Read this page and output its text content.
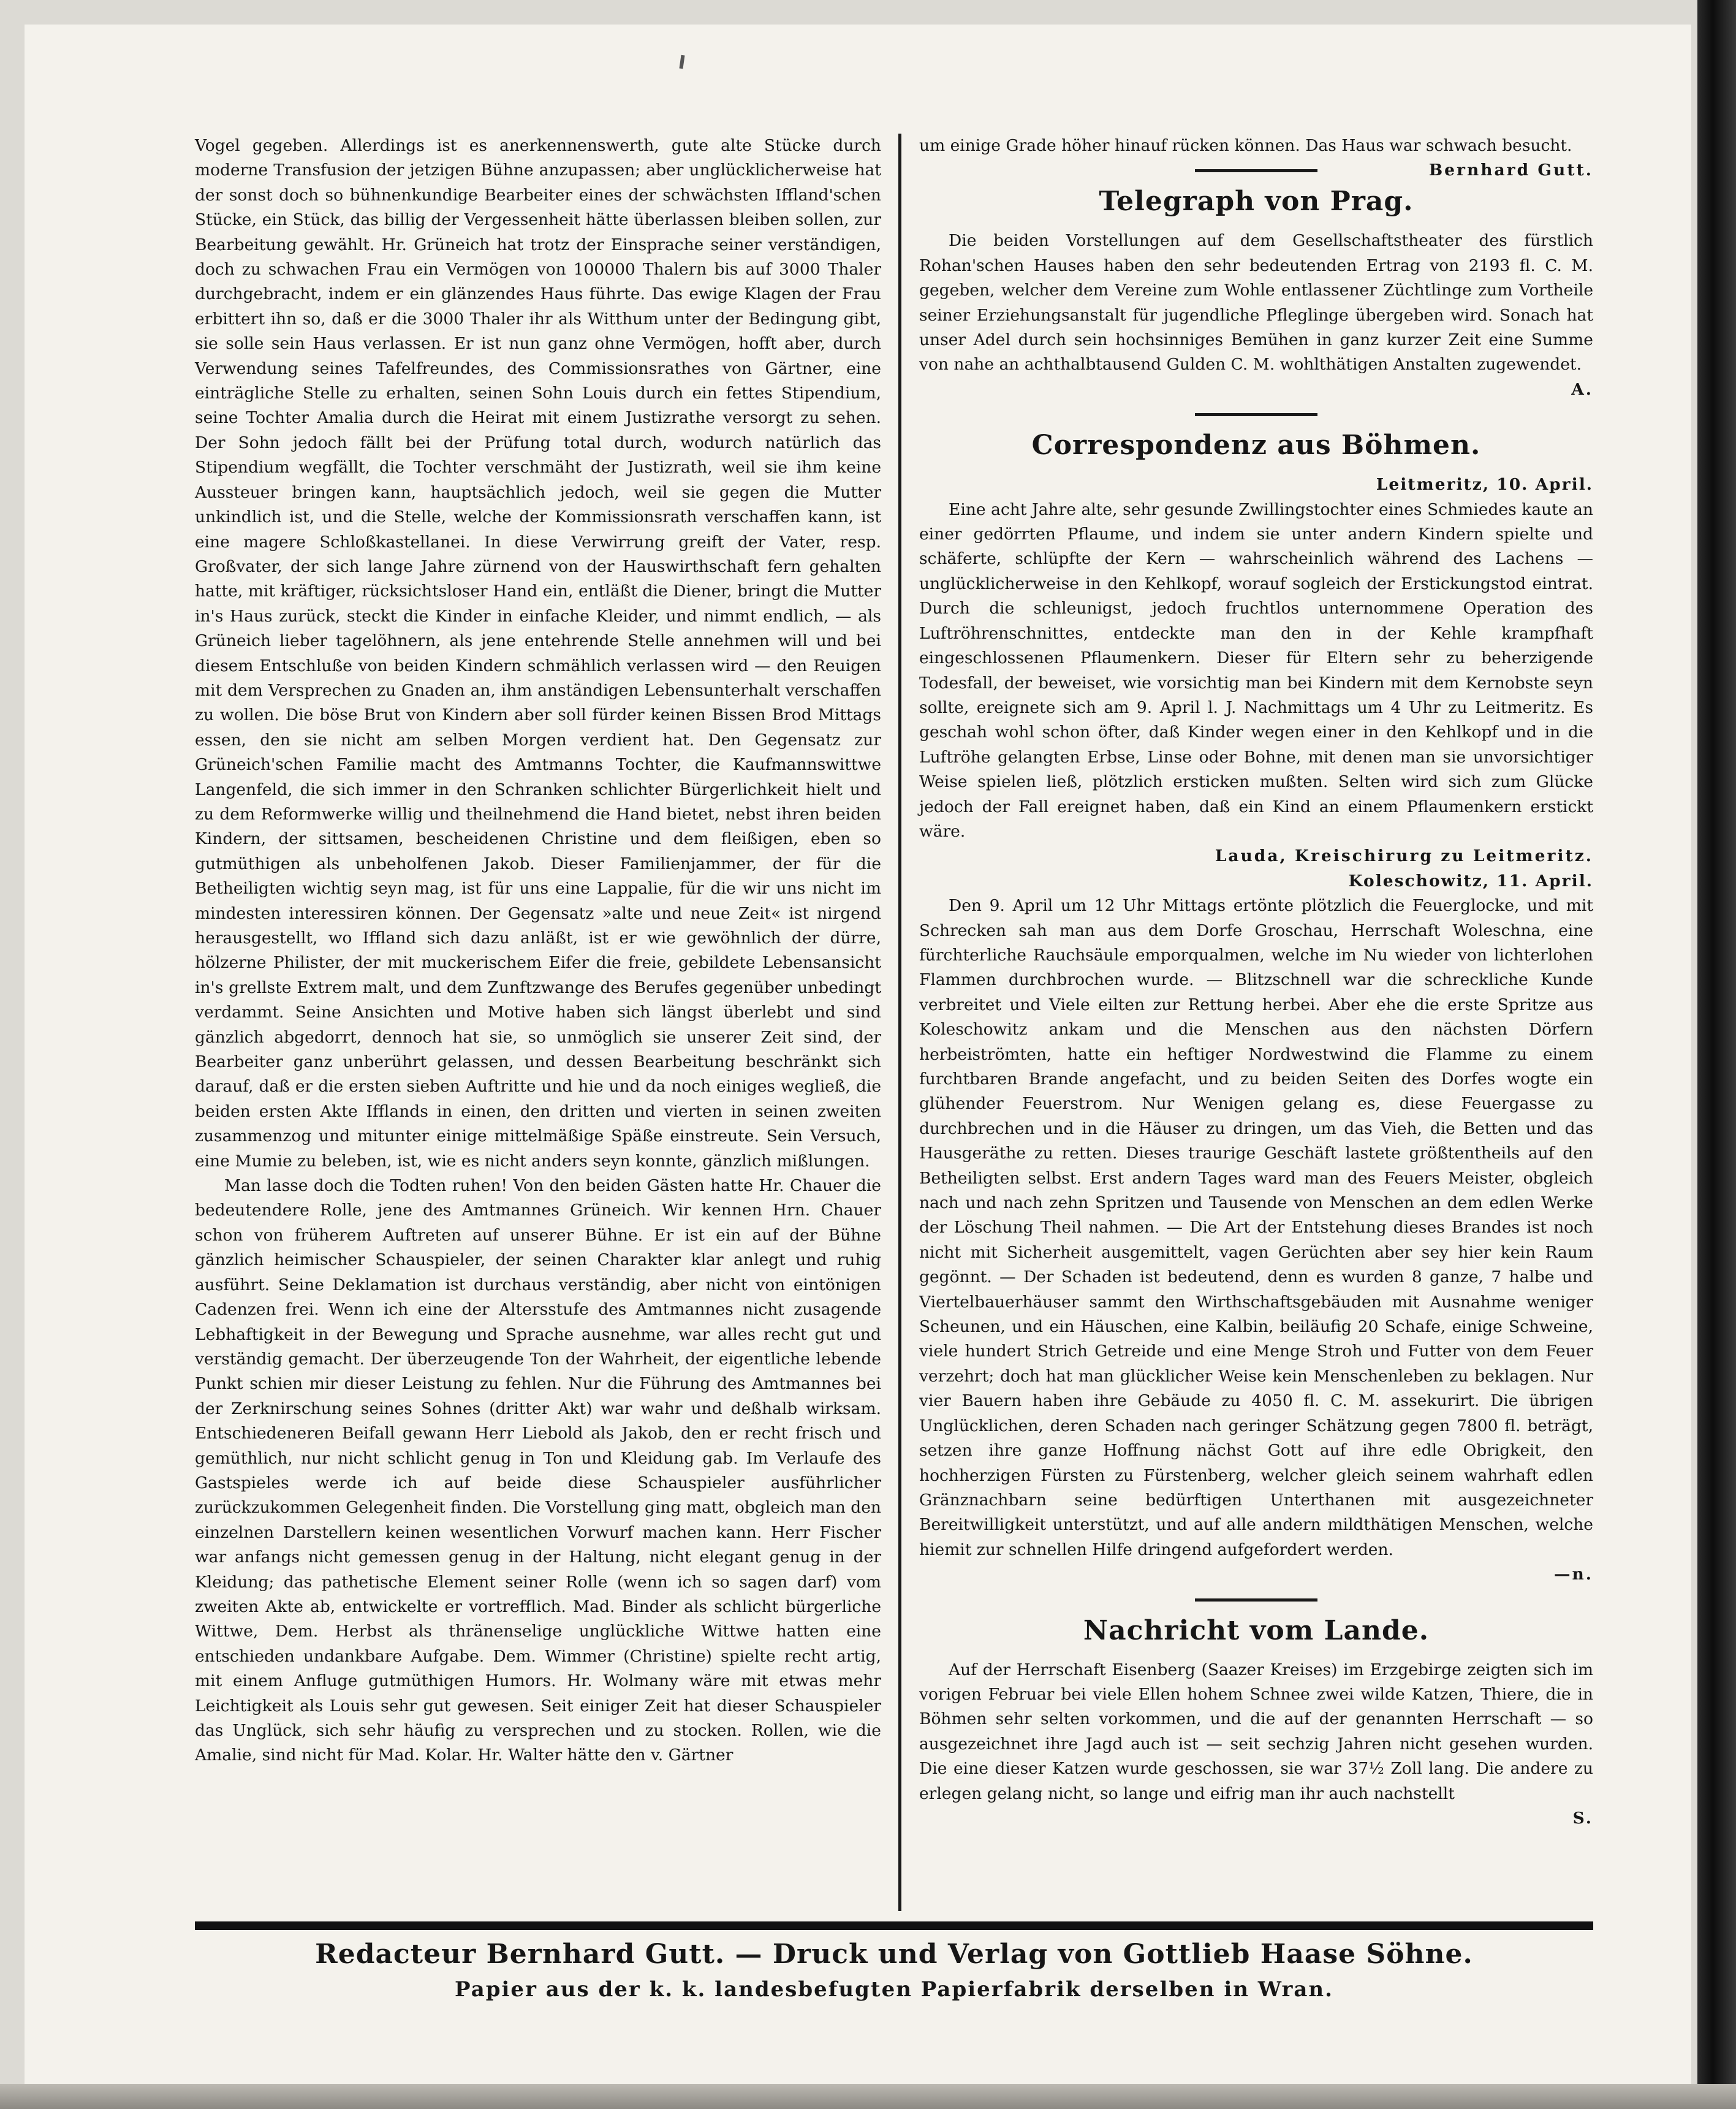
Vogel gegeben. Allerdings ist es anerkennenswerth, gute alte Stücke durch moderne Transfusion der jetzigen Bühne anzupassen; aber unglücklicherweise hat der sonst doch so bühnenkundige Bearbeiter eines der schwächsten Iffland'schen Stücke, ein Stück, das billig der Vergessenheit hätte überlassen bleiben sollen, zur Bearbeitung gewählt. Hr. Grüneich hat trotz der Einsprache seiner verständigen, doch zu schwachen Frau ein Vermögen von 100000 Thalern bis auf 3000 Thaler durchgebracht, indem er ein glänzendes Haus führte. Das ewige Klagen der Frau erbittert ihn so, daß er die 3000 Thaler ihr als Witthum unter der Bedingung gibt, sie solle sein Haus verlassen. Er ist nun ganz ohne Vermögen, hofft aber, durch Verwendung seines Tafelfreundes, des Commissionsrathes von Gärtner, eine einträgliche Stelle zu erhalten, seinen Sohn Louis durch ein fettes Stipendium, seine Tochter Amalia durch die Heirat mit einem Justizrathe versorgt zu sehen. Der Sohn jedoch fällt bei der Prüfung total durch, wodurch natürlich das Stipendium wegfällt, die Tochter verschmäht der Justizrath, weil sie ihm keine Aussteuer bringen kann, hauptsächlich jedoch, weil sie gegen die Mutter unkindlich ist, und die Stelle, welche der Kommissionsrath verschaffen kann, ist eine magere Schloßkastellanei. In diese Verwirrung greift der Vater, resp. Großvater, der sich lange Jahre zürnend von der Hauswirthschaft fern gehalten hatte, mit kräftiger, rücksichtsloser Hand ein, entläßt die Diener, bringt die Mutter in's Haus zurück, steckt die Kinder in einfache Kleider, und nimmt endlich, — als Grüneich lieber tagelöhnern, als jene entehrende Stelle annehmen will und bei diesem Entschluße von beiden Kindern schmählich verlassen wird — den Reuigen mit dem Versprechen zu Gnaden an, ihm anständigen Lebensunterhalt verschaffen zu wollen. Die böse Brut von Kindern aber soll fürder keinen Bissen Brod Mittags essen, den sie nicht am selben Morgen verdient hat. Den Gegensatz zur Grüneich'schen Familie macht des Amtmanns Tochter, die Kaufmannswittwe Langenfeld, die sich immer in den Schranken schlichter Bürgerlichkeit hielt und zu dem Reformwerke willig und theilnehmend die Hand bietet, nebst ihren beiden Kindern, der sittsamen, bescheidenen Christine und dem fleißigen, eben so gutmüthigen als unbeholfenen Jakob. Dieser Familienjammer, der für die Betheiligten wichtig seyn mag, ist für uns eine Lappalie, für die wir uns nicht im mindesten interessiren können. Der Gegensatz »alte und neue Zeit« ist nirgend herausgestellt, wo Iffland sich dazu anläßt, ist er wie gewöhnlich der dürre, hölzerne Philister, der mit muckerischem Eifer die freie, gebildete Lebensansicht in's grellste Extrem malt, und dem Zunftzwange des Berufes gegenüber unbedingt verdammt. Seine Ansichten und Motive haben sich längst überlebt und sind gänzlich abgedorrt, dennoch hat sie, so unmöglich sie unserer Zeit sind, der Bearbeiter ganz unberührt gelassen, und dessen Bearbeitung beschränkt sich darauf, daß er die ersten sieben Auftritte und hie und da noch einiges wegließ, die beiden ersten Akte Ifflands in einen, den dritten und vierten in seinen zweiten zusammenzog und mitunter einige mittelmäßige Späße einstreute. Sein Versuch, eine Mumie zu beleben, ist, wie es nicht anders seyn konnte, gänzlich mißlungen.

Man lasse doch die Todten ruhen! Von den beiden Gästen hatte Hr. Chauer die bedeutendere Rolle, jene des Amtmannes Grüneich. Wir kennen Hrn. Chauer schon von früherem Auftreten auf unserer Bühne. Er ist ein auf der Bühne gänzlich heimischer Schauspieler, der seinen Charakter klar anlegt und ruhig ausführt. Seine Deklamation ist durchaus verständig, aber nicht von eintönigen Cadenzen frei. Wenn ich eine der Altersstufe des Amtmannes nicht zusagende Lebhaftigkeit in der Bewegung und Sprache ausnehme, war alles recht gut und verständig gemacht. Der überzeugende Ton der Wahrheit, der eigentliche lebende Punkt schien mir dieser Leistung zu fehlen. Nur die Führung des Amtmannes bei der Zerknirschung seines Sohnes (dritter Akt) war wahr und deßhalb wirksam. Entschiedeneren Beifall gewann Herr Liebold als Jakob, den er recht frisch und gemüthlich, nur nicht schlicht genug in Ton und Kleidung gab. Im Verlaufe des Gastspieles werde ich auf beide diese Schauspieler ausführlicher zurückzukommen Gelegenheit finden. Die Vorstellung ging matt, obgleich man den einzelnen Darstellern keinen wesentlichen Vorwurf machen kann. Herr Fischer war anfangs nicht gemessen genug in der Haltung, nicht elegant genug in der Kleidung; das pathetische Element seiner Rolle (wenn ich so sagen darf) vom zweiten Akte ab, entwickelte er vortrefflich. Mad. Binder als schlicht bürgerliche Wittwe, Dem. Herbst als thränenselige unglückliche Wittwe hatten eine entschieden undankbare Aufgabe. Dem. Wimmer (Christine) spielte recht artig, mit einem Anfluge gutmüthigen Humors. Hr. Wolmany wäre mit etwas mehr Leichtigkeit als Louis sehr gut gewesen. Seit einiger Zeit hat dieser Schauspieler das Unglück, sich sehr häufig zu versprechen und zu stocken. Rollen, wie die Amalie, sind nicht für Mad. Kolar. Hr. Walter hätte den v. Gärtner

um einige Grade höher hinauf rücken können. Das Haus war schwach besucht.
Bernhard Gutt.

Telegraph von Prag.

Die beiden Vorstellungen auf dem Gesellschaftstheater des fürstlich Rohan'schen Hauses haben den sehr bedeutenden Ertrag von 2193 fl. C. M. gegeben, welcher dem Vereine zum Wohle entlassener Züchtlinge zum Vortheile seiner Erziehungsanstalt für jugendliche Pfleglinge übergeben wird. Sonach hat unser Adel durch sein hochsinniges Bemühen in ganz kurzer Zeit eine Summe von nahe an achthalbtausend Gulden C. M. wohlthätigen Anstalten zugewendet.

A.
Correspondenz aus Böhmen.
Leitmeritz, 10. April.

Eine acht Jahre alte, sehr gesunde Zwillingstochter eines Schmiedes kaute an einer gedörrten Pflaume, und indem sie unter andern Kindern spielte und schäferte, schlüpfte der Kern — wahrscheinlich während des Lachens — unglücklicherweise in den Kehlkopf, worauf sogleich der Erstickungstod eintrat. Durch die schleunigst, jedoch fruchtlos unternommene Operation des Luftröhrenschnittes, entdeckte man den in der Kehle krampfhaft eingeschlossenen Pflaumenkern. Dieser für Eltern sehr zu beherzigende Todesfall, der beweiset, wie vorsichtig man bei Kindern mit dem Kernobste seyn sollte, ereignete sich am 9. April l. J. Nachmittags um 4 Uhr zu Leitmeritz. Es geschah wohl schon öfter, daß Kinder wegen einer in den Kehlkopf und in die Luftröhe gelangten Erbse, Linse oder Bohne, mit denen man sie unvorsichtiger Weise spielen ließ, plötzlich ersticken mußten. Selten wird sich zum Glücke jedoch der Fall ereignet haben, daß ein Kind an einem Pflaumenkern erstickt wäre.

Lauda, Kreischirurg zu Leitmeritz.
Koleschowitz, 11. April.

Den 9. April um 12 Uhr Mittags ertönte plötzlich die Feuerglocke, und mit Schrecken sah man aus dem Dorfe Groschau, Herrschaft Woleschna, eine fürchterliche Rauchsäule emporqualmen, welche im Nu wieder von lichterlohen Flammen durchbrochen wurde. — Blitzschnell war die schreckliche Kunde verbreitet und Viele eilten zur Rettung herbei. Aber ehe die erste Spritze aus Koleschowitz ankam und die Menschen aus den nächsten Dörfern herbeiströmten, hatte ein heftiger Nordwestwind die Flamme zu einem furchtbaren Brande angefacht, und zu beiden Seiten des Dorfes wogte ein glühender Feuerstrom. Nur Wenigen gelang es, diese Feuergasse zu durchbrechen und in die Häuser zu dringen, um das Vieh, die Betten und das Hausgeräthe zu retten. Dieses traurige Geschäft lastete größtentheils auf den Betheiligten selbst. Erst andern Tages ward man des Feuers Meister, obgleich nach und nach zehn Spritzen und Tausende von Menschen an dem edlen Werke der Löschung Theil nahmen. — Die Art der Entstehung dieses Brandes ist noch nicht mit Sicherheit ausgemittelt, vagen Gerüchten aber sey hier kein Raum gegönnt. — Der Schaden ist bedeutend, denn es wurden 8 ganze, 7 halbe und Viertelbauerhäuser sammt den Wirthschaftsgebäuden mit Ausnahme weniger Scheunen, und ein Häuschen, eine Kalbin, beiläufig 20 Schafe, einige Schweine, viele hundert Strich Getreide und eine Menge Stroh und Futter von dem Feuer verzehrt; doch hat man glücklicher Weise kein Menschenleben zu beklagen. Nur vier Bauern haben ihre Gebäude zu 4050 fl. C. M. assekurirt. Die übrigen Unglücklichen, deren Schaden nach geringer Schätzung gegen 7800 fl. beträgt, setzen ihre ganze Hoffnung nächst Gott auf ihre edle Obrigkeit, den hochherzigen Fürsten zu Fürstenberg, welcher gleich seinem wahrhaft edlen Gränznachbarn seine bedürftigen Unterthanen mit ausgezeichneter Bereitwilligkeit unterstützt, und auf alle andern mildthätigen Menschen, welche hiemit zur schnellen Hilfe dringend aufgefordert werden.

—n.
Nachricht vom Lande.

Auf der Herrschaft Eisenberg (Saazer Kreises) im Erzgebirge zeigten sich im vorigen Februar bei viele Ellen hohem Schnee zwei wilde Katzen, Thiere, die in Böhmen sehr selten vorkommen, und die auf der genannten Herrschaft — so ausgezeichnet ihre Jagd auch ist — seit sechzig Jahren nicht gesehen wurden. Die eine dieser Katzen wurde geschossen, sie war 37½ Zoll lang. Die andere zu erlegen gelang nicht, so lange und eifrig man ihr auch nachstellt

S.
Redacteur Bernhard Gutt. — Druck und Verlag von Gottlieb Haase Söhne.
Papier aus der k. k. landesbefugten Papierfabrik derselben in Wran.
